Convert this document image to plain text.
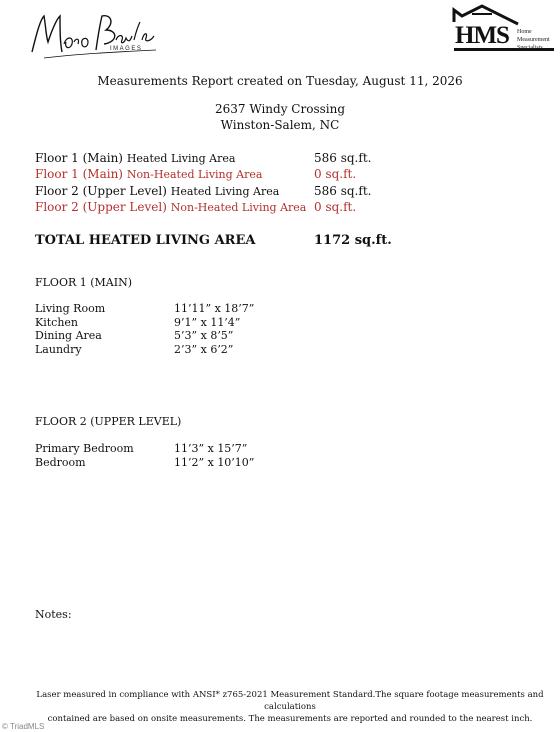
IMAGES	HMS Home
Measurement
Specialists
Measurements Report created on Tuesday, August 11, 2026
2637 Windy Crossing
Winston-Salem, NC
Floor 1 (Main) Heated Living Area	586 sq.ft.
Floor 1 (Main) Non-Heated Living Area	0 sq.ft.
Floor 2 (Upper Level) Heated Living Area	586 sq.ft.
Floor 2 (Upper Level) Non-Heated Living Area 0 sq.ft.
TOTAL HEATED LIVING AREA	1172 sq.ft.
FLOOR 1 (MAIN)
Living Room	11’11” x 18’7”
Kitchen	9’1” x 11’4”
Dining Area	5’3” x 8’5”
Laundry	2’3” x 6’2”
FLOOR 2 (UPPER LEVEL)
Primary Bedroom	11’3” x 15’7”
Bedroom	11’2” x 10’10”
Notes:
Laser measured in compliance with ANSI* z765-2021 Measurement Standard.The square footage measurements and calculations
contained are based on onsite measurements. The measurements are reported and rounded to the nearest inch.
© TriadMLS
